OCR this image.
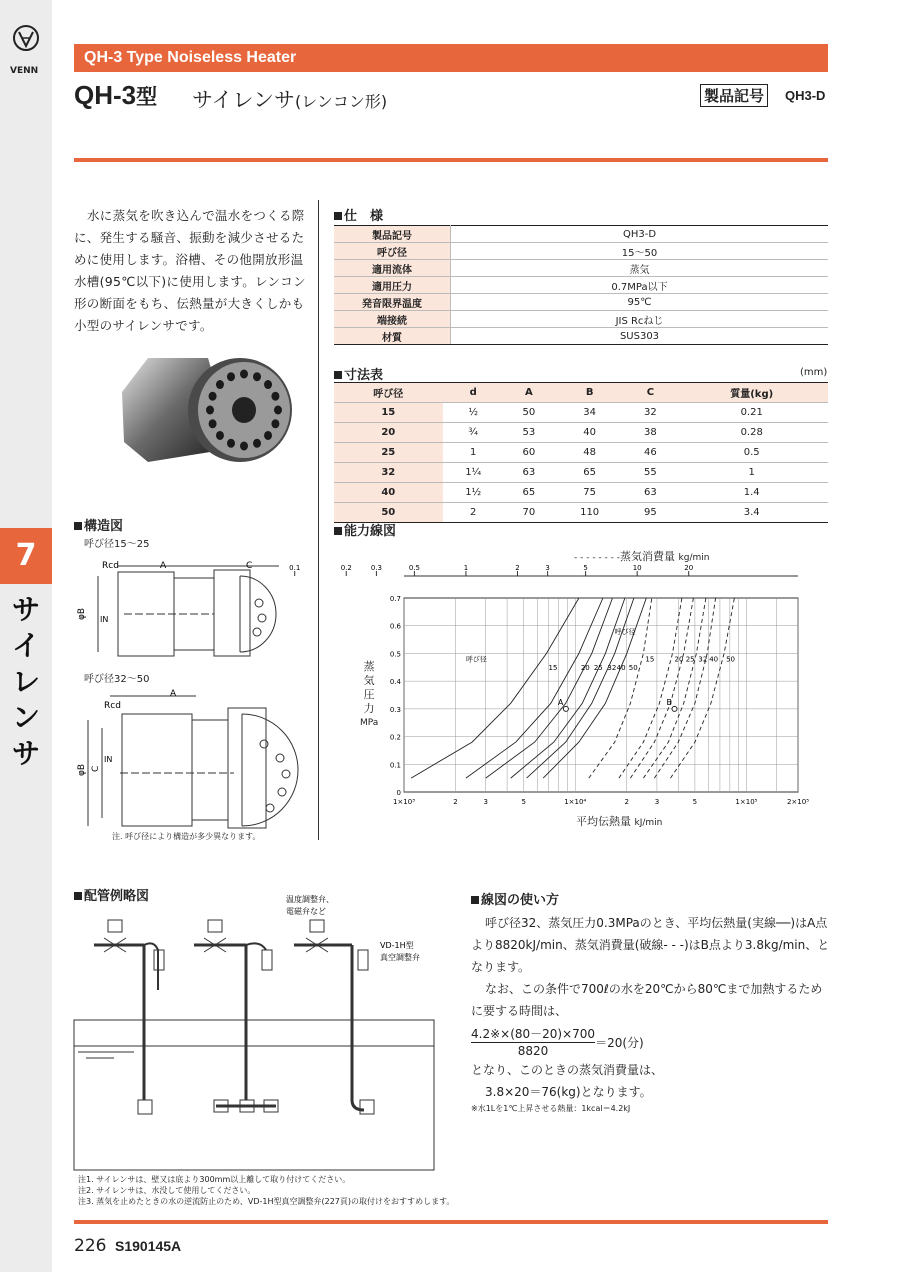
VENN
7
サ
イ
レ
ン
サ
QH-3 Type Noiseless Heater
QH-3型 サイレンサ(レンコン形)	製品記号	QH3-D
水に蒸気を吹き込んで温水をつくる際に、発生する騒音、振動を減少させるために使用します。浴槽、その他開放形温水槽(95℃以下)に使用します。レンコン形の断面をもち、伝熱量が大きくしかも小型のサイレンサです。
仕　様
製品記号	QH3-D
呼び径	15～50
適用流体	蒸気
適用圧力	0.7MPa以下
発音限界温度	95℃
端接続	JIS Rcねじ
材質	SUS303
寸法表	(mm)
呼び径	d	A	B	C	質量(kg)
15	½	50	34	32	0.21
20	¾	53	40	38	0.28
25	1	60	48	46	0.5
32	1¼	63	65	55	1
40	1½	65	75	63	1.4
50	2	70	110	95	3.4
構造図
呼び径15～25
呼び径32～50
Rcd	A	C
φB IN
A
Rcd
φB C
IN
注. 呼び径により構造が多少異なります。
能力線図
- - - - - - - -蒸気消費量 kg/min
平均伝熱量 kJ/min
蒸
気
圧
力
MPa
1×10³	2	3	5	1×10⁴	2	3	5	1×10⁵	2×10⁵
0
0.1
0.2
0.3
0.4
0.5
0.6
0.7
0.1	0.2	0.3	0.5	1	2	3	5	10	20
15	20 25 32 40 50
15	20 25 32 40 50
呼び径
呼び径
A	B
配管例略図	温度調整弁、
電磁弁など
VD-1H型
真空調整弁
線図の使い方
呼び径32、蒸気圧力0.3MPaのとき、平均伝熱量(実線──)はA点より8820kJ/min、蒸気消費量(破線- - -)はB点より3.8kg/min、となります。
なお、この条件で700ℓの水を20℃から80℃まで加熱するために要する時間は、
4.2※×(80－20)×700
8820
＝20(分)
となり、このときの蒸気消費量は、
3.8×20＝76(kg)となります。
※水1Lを1℃上昇させる熱量：1kcal＝4.2kJ
注1. サイレンサは、壁又は底より300mm以上離して取り付けてください。
注2. サイレンサは、水没して使用してください。
注3. 蒸気を止めたときの水の逆流防止のため、VD-1H型真空調整弁(227頁)の取付けをおすすめします。
226 S190145A
